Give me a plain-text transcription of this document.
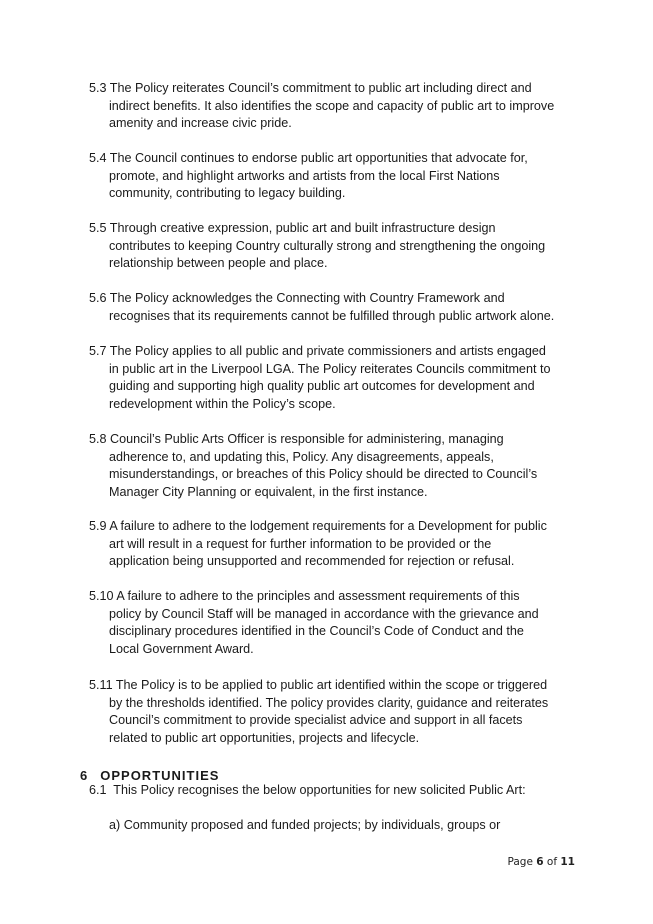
5.3 The Policy reiterates Council’s commitment to public art including direct and
indirect benefits. It also identifies the scope and capacity of public art to improve
amenity and increase civic pride.
5.4 The Council continues to endorse public art opportunities that advocate for,
promote, and highlight artworks and artists from the local First Nations
community, contributing to legacy building.
5.5 Through creative expression, public art and built infrastructure design
contributes to keeping Country culturally strong and strengthening the ongoing
relationship between people and place.
5.6 The Policy acknowledges the Connecting with Country Framework and
recognises that its requirements cannot be fulfilled through public artwork alone.
5.7 The Policy applies to all public and private commissioners and artists engaged
in public art in the Liverpool LGA. The Policy reiterates Councils commitment to
guiding and supporting high quality public art outcomes for development and
redevelopment within the Policy’s scope.
5.8 Council’s Public Arts Officer is responsible for administering, managing
adherence to, and updating this, Policy. Any disagreements, appeals,
misunderstandings, or breaches of this Policy should be directed to Council’s
Manager City Planning or equivalent, in the first instance.
5.9 A failure to adhere to the lodgement requirements for a Development for public
art will result in a request for further information to be provided or the
application being unsupported and recommended for rejection or refusal.
5.10 A failure to adhere to the principles and assessment requirements of this
policy by Council Staff will be managed in accordance with the grievance and
disciplinary procedures identified in the Council’s Code of Conduct and the
Local Government Award.
5.11 The Policy is to be applied to public art identified within the scope or triggered
by the thresholds identified. The policy provides clarity, guidance and reiterates
Council’s commitment to provide specialist advice and support in all facets
related to public art opportunities, projects and lifecycle.
6 OPPORTUNITIES
6.1 This Policy recognises the below opportunities for new solicited Public Art:
a) Community proposed and funded projects; by individuals, groups or
Page 6 of 11
